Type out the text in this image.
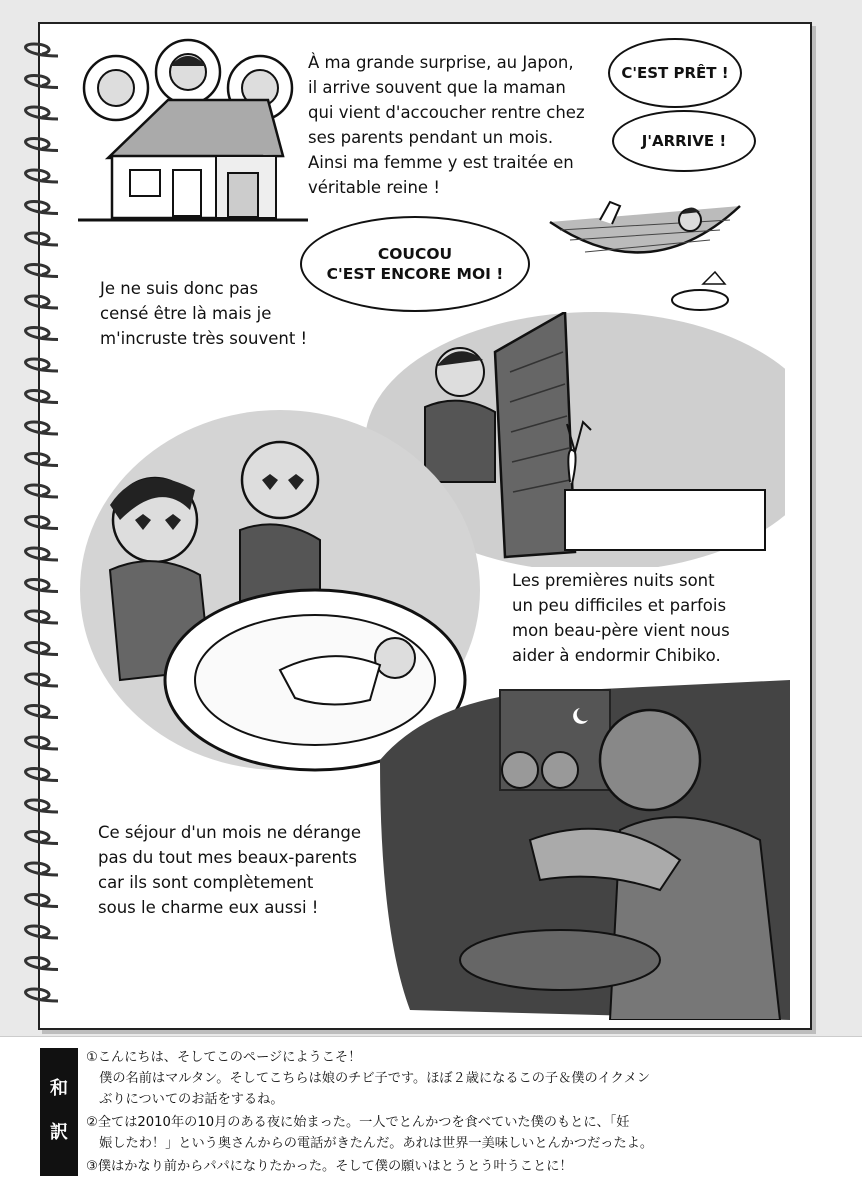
À ma grande surprise, au Japon,
il arrive souvent que la maman
qui vient d'accoucher rentre chez
ses parents pendant un mois.
Ainsi ma femme y est traitée en
véritable reine !
C'EST PRÊT !
J'ARRIVE !
COUCOU
C'EST ENCORE MOI !
Je ne suis donc pas
censé être là mais je
m'incruste très souvent !
Les premières nuits sont
un peu difficiles et parfois
mon beau-père vient nous
aider à endormir Chibiko.
Ce séjour d'un mois ne dérange
pas du tout mes beaux-parents
car ils sont complètement
sous le charme eux aussi !
和
訳
①こんにちは、そしてこのページにようこそ！
　僕の名前はマルタン。そしてこちらは娘のチビ子です。ほぼ２歳になるこの子＆僕のイクメン
　ぶりについてのお話をするね。
②全ては2010年の10月のある夜に始まった。一人でとんかつを食べていた僕のもとに、「妊
　娠したわ！」という奥さんからの電話がきたんだ。あれは世界一美味しいとんかつだったよ。
③僕はかなり前からパパになりたかった。そして僕の願いはとうとう叶うことに！
